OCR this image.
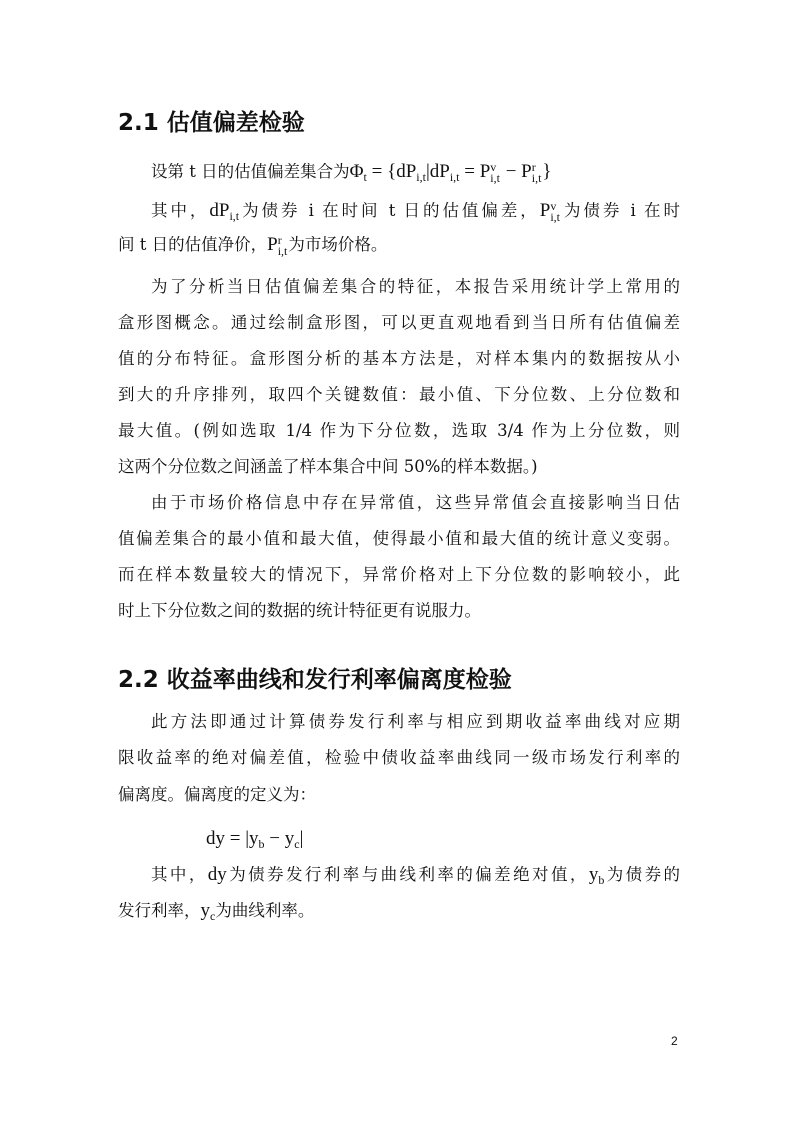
2.1 估值偏差检验
设第 t 日的估值偏差集合为$\Phi_t = \{dP_{i,t}|dP_{i,t} = P$ v
i,t − P r
i,t }
其中，$dP_{i,t}$为债券 i 在时间 t 日的估值偏差，P v
i,t 为债券 i 在时
间 t 日的估值净价，P r
i,t 为市场价格。
为了分析当日估值偏差集合的特征，本报告采用统计学上常用的
盒形图概念。通过绘制盒形图，可以更直观地看到当日所有估值偏差
值的分布特征。盒形图分析的基本方法是，对样本集内的数据按从小
到大的升序排列，取四个关键数值：最小值、下分位数、上分位数和
最大值。(例如选取 1/4 作为下分位数，选取 3/4 作为上分位数，则
这两个分位数之间涵盖了样本集合中间 50%的样本数据。)
由于市场价格信息中存在异常值，这些异常值会直接影响当日估
值偏差集合的最小值和最大值，使得最小值和最大值的统计意义变弱。
而在样本数量较大的情况下，异常价格对上下分位数的影响较小，此
时上下分位数之间的数据的统计特征更有说服力。
2.2 收益率曲线和发行利率偏离度检验
此方法即通过计算债券发行利率与相应到期收益率曲线对应期
限收益率的绝对偏差值，检验中债收益率曲线同一级市场发行利率的
偏离度。偏离度的定义为：
dy = $|y_b - y_c|$
其中，dy为债券发行利率与曲线利率的偏差绝对值，$y_b$为债券的
发行利率，$y_c$为曲线利率。
2
